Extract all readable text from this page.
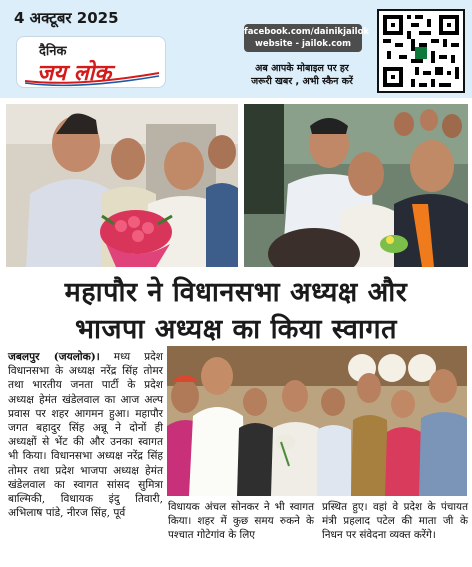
4 अक्टूबर 2025
दैनिक
जय लोक
facebook.com/dainikjailok
website - jailok.com
अब आपके मोबाइल पर हर
जरूरी खबर , अभी स्कैन करें
महापौर ने विधानसभा अध्यक्ष और
भाजपा अध्यक्ष का किया स्वागत
जबलपुर (जयलोक)। मध्य प्रदेश विधानसभा के अध्यक्ष नरेंद्र सिंह तोमर तथा भारतीय जनता पार्टी के प्रदेश अध्यक्ष हेमंत खंडेलवाल का आज अल्प प्रवास पर शहर आगमन हुआ। महापौर जगत बहादुर सिंह अन्नू ने दोनों ही अध्यक्षों से भेंट की और उनका स्वागत भी किया। विधानसभा अध्यक्ष नरेंद्र सिंह तोमर तथा प्रदेश भाजपा अध्यक्ष हेमंत खंडेलवाल का स्वागत सांसद सुमित्रा बाल्मिकी, विधायक इंदु तिवारी, अभिलाष पांडे, नीरज सिंह, पूर्व
विधायक अंचल सोनकर ने भी स्वागत किया। शहर में कुछ समय रुकने के पश्चात गोटेगांव के लिए
प्रस्थित हुए। वहां वे प्रदेश के पंचायत मंत्री प्रहलाद पटेल की माता जी के निधन पर संवेदना व्यक्त करेंगे।
